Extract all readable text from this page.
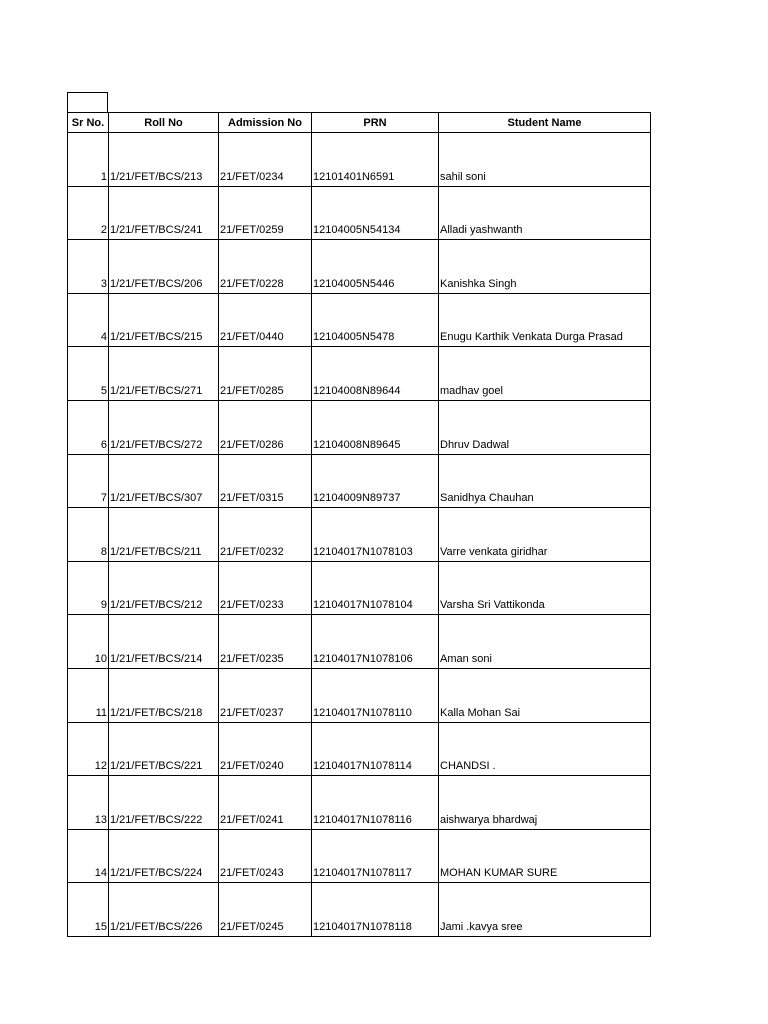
Sr No.	Roll No	Admission No	PRN	Student Name
1	1/21/FET/BCS/213	21/FET/0234	12101401N6591	sahil soni
2	1/21/FET/BCS/241	21/FET/0259	12104005N54134	Alladi yashwanth
3	1/21/FET/BCS/206	21/FET/0228	12104005N5446	Kanishka Singh
4	1/21/FET/BCS/215	21/FET/0440	12104005N5478	Enugu Karthik Venkata Durga Prasad
5	1/21/FET/BCS/271	21/FET/0285	12104008N89644	madhav goel
6	1/21/FET/BCS/272	21/FET/0286	12104008N89645	Dhruv Dadwal
7	1/21/FET/BCS/307	21/FET/0315	12104009N89737	Sanidhya Chauhan
8	1/21/FET/BCS/211	21/FET/0232	12104017N1078103	Varre venkata giridhar
9	1/21/FET/BCS/212	21/FET/0233	12104017N1078104	Varsha Sri Vattikonda
10	1/21/FET/BCS/214	21/FET/0235	12104017N1078106	Aman soni
11	1/21/FET/BCS/218	21/FET/0237	12104017N1078110	Kalla Mohan Sai
12	1/21/FET/BCS/221	21/FET/0240	12104017N1078114	CHANDSI .
13	1/21/FET/BCS/222	21/FET/0241	12104017N1078116	aishwarya bhardwaj
14	1/21/FET/BCS/224	21/FET/0243	12104017N1078117	MOHAN KUMAR SURE
15	1/21/FET/BCS/226	21/FET/0245	12104017N1078118	Jami .kavya sree
